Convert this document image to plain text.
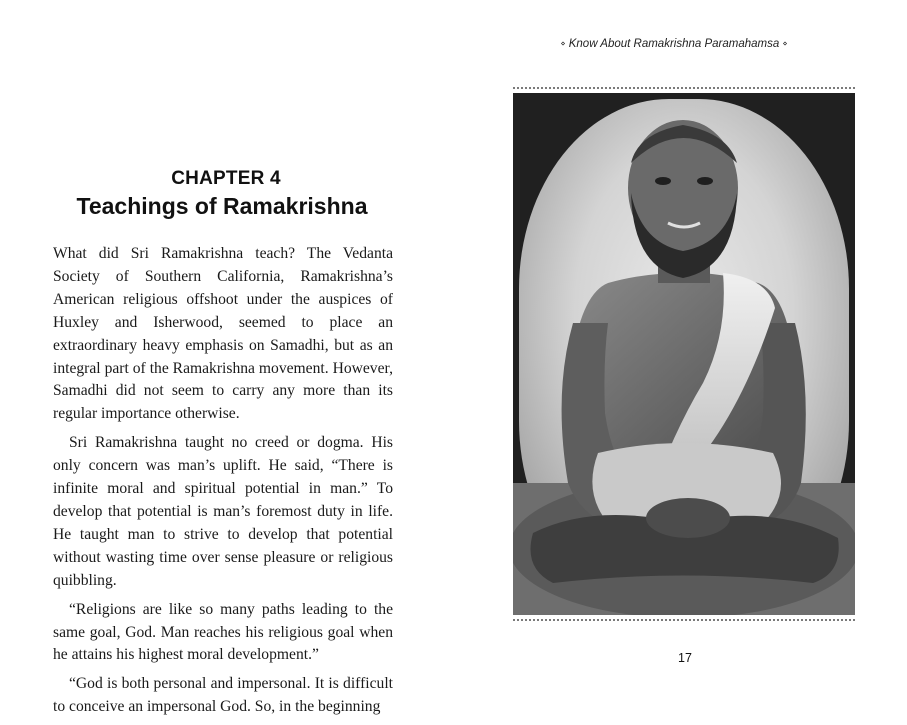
⋄ Know About Ramakrishna Paramahamsa ⋄
CHAPTER 4
Teachings of Ramakrishna

What did Sri Ramakrishna teach? The Vedanta Society of Southern California, Ramakrishna’s American religious offshoot under the auspices of Huxley and Isherwood, seemed to place an extraordinary heavy emphasis on Samadhi, but as an integral part of the Ramakrishna movement. However, Samadhi did not seem to carry any more than its regular importance otherwise.

Sri Ramakrishna taught no creed or dogma. His only concern was man’s uplift. He said, “There is infinite moral and spiritual potential in man.” To develop that potential is man’s foremost duty in life. He taught man to strive to develop that potential without wasting time over sense pleasure or religious quibbling.

“Religions are like so many paths leading to the same goal, God. Man reaches his religious goal when he attains his highest moral development.”

“God is both personal and impersonal. It is difficult to conceive an impersonal God. So, in the beginning

17
